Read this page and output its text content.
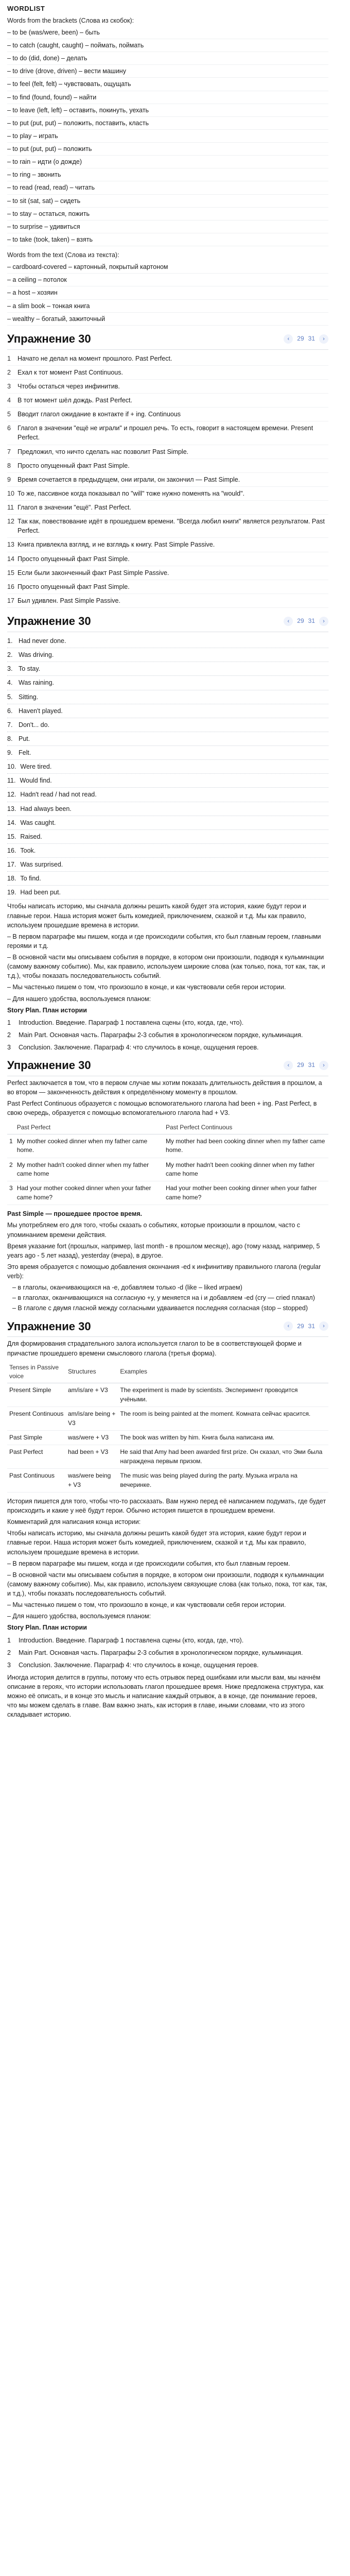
WORDLIST
Words from the brackets (Слова из скобок):
– to be (was/were, been) – быть
– to catch (caught, caught) – поймать, поймать
– to do (did, done) – делать
– to drive (drove, driven) – вести машину
– to feel (felt, felt) – чувствовать, ощущать
– to find (found, found) – найти
– to leave (left, left) – оставить, покинуть, уехать
– to put (put, put) – положить, поставить, класть
– to play – играть
– to put (put, put) – положить
– to rain – идти (о дожде)
– to ring – звонить
– to read (read, read) – читать
– to sit (sat, sat) – сидеть
– to stay – остаться, пожить
– to surprise – удивиться
– to take (took, taken) – взять
Words from the text (Слова из текста):
– cardboard-covered – картонный, покрытый картоном
– a ceiling – потолок
– a host – хозяин
– a slim book – тонкая книга
– wealthy – богатый, зажиточный
Упражнение 30	‹	29 31	›
1	Начато не делал на момент прошлого. Past Perfect.
2	Ехал к тот момент Past Continuous.
3	Чтобы остаться через инфинитив.
4	В тот момент шёл дождь. Past Perfect.
5	Вводит глагол ожидание в контакте if + ing. Continuous
6	Глагол в значении "ещё не играли" и прошел речь. То есть, говорит в настоящем времени. Present Perfect.
7	Предложил, что ничто сделать нас позволит Past Simple.
8	Просто опущенный факт Past Simple.
9	Время сочетается в предыдущем, они играли, он закончил — Past Simple.
10 То же, пассивное когда показывал по "will" тоже нужно поменять на "would".
11 Глагол в значении "ещё". Past Perfect.
12 Так как, повествование идёт в прошедшем времени. "Всегда любил книги" является результатом. Past Perfect.
13 Книга привлекла взгляд, и не взглядь к книгу. Past Simple Passive.
14 Просто опущенный факт Past Simple.
15 Если были законченный факт Past Simple Passive.
16 Просто опущенный факт Past Simple.
17 Был удивлен. Past Simple Passive.
Упражнение 30	‹	29 31	›
1. Had never done.
2. Was driving.
3. To stay.
4. Was raining.
5. Sitting.
6. Haven't played.
7. Don't... do.
8. Put.
9. Felt.
10. Were tired.
11. Would find.
12. Hadn't read / had not read.
13. Had always been.
14. Was caught.
15. Raised.
16. Took.
17. Was surprised.
18. To find.
19. Had been put.
Чтобы написать историю, мы сначала должны решить какой будет эта история, какие будут герои и главные герои. Наша история может быть комедией, приключением, сказкой и т.д. Мы как правило, используем прошедшие времена в истории.
– В первом параграфе мы пишем, когда и где происходили события, кто был главным героем, главными героями и т.д.
– В основной части мы описываем события в порядке, в котором они произошли, подводя к кульминации (самому важному событию). Мы, как правило, используем широкие слова (как только, пока, тот как, так, и т.д.), чтобы показать последовательность событий.
– Мы частенько пишем о том, что произошло в конце, и как чувствовали себя герои истории.
– Для нашего удобства, воспользуемся планом:
Story Plan. План истории
1	Introduction. Введение. Параграф 1 поставлена сцены (кто, когда, где, что).
2	Main Part. Основная часть. Параграфы 2-3 события в хронологическом порядке, кульминация.
3	Conclusion. Заключение. Параграф 4: что случилось в конце, ощущения героев.
Упражнение 30	‹	29 31	›
Perfect заключается в том, что в первом случае мы хотим показать длительность действия в прошлом, а во втором — законченность действия к определённому моменту в прошлом.
Past Perfect Continuous образуется с помощью вспомогательного глагола had been + ing. Past Perfect, в свою очередь, образуется с помощью вспомогательного глагола had + V3.
	Past Perfect	Past Perfect Continuous
1	My mother cooked dinner when my father came home.	My mother had been cooking dinner when my father came home.
2	My mother hadn't cooked dinner when my father came home	My mother hadn't been cooking dinner when my father came home
3	Had your mother cooked dinner when your father came home?	Had your mother been cooking dinner when your father came home?
Past Simple — прошедшее простое время.
Мы употребляем его для того, чтобы сказать о событиях, которые произошли в прошлом, часто с упоминанием времени действия.
Время указание fort (прошлых, например, last month - в прошлом месяце), ago (тому назад, например, 5 years ago - 5 лет назад), yesterday (вчера), в другое.
Это время образуется с помощью добавления окончания -ed к инфинитиву правильного глагола (regular verb):
– в глаголы, оканчивающихся на -е, добавляем только -d (like – liked играем)
– в глаголах, оканчивающихся на согласную +y, у меняется на i и добавляем -ed (cry — cried плакал)
– В глаголе с двумя гласной между согласными удваивается последняя согласная (stop – stopped)
Упражнение 30	‹	29 31	›
Для формирования страдательного залога используется глагол to be в соответствующей форме и причастие прошедшего времени смыслового глагола (третья форма).
Tenses in Passive voice	Structures	Examples
Present Simple	am/is/are + V3	The experiment is made by scientists. Эксперимент проводится учёными.
Present Continuous	am/is/are being + V3	The room is being painted at the moment. Комната сейчас красится.
Past Simple	was/were + V3	The book was written by him. Книга была написана им.
Past Perfect	had been + V3	He said that Amy had been awarded first prize. Он сказал, что Эми была награждена первым призом.
Past Continuous	was/were being + V3	The music was being played during the party. Музыка играла на вечеринке.
История пишется для того, чтобы что-то рассказать. Вам нужно перед её написанием подумать, где будет происходить и какие у неё будут герои. Обычно история пишется в прошедшем времени.
Комментарий для написания конца истории:
Чтобы написать историю, мы сначала должны решить какой будет эта история, какие будут герои и главные герои. Наша история может быть комедией, приключением, сказкой и т.д. Мы как правило, используем прошедшие времена в истории.
– В первом параграфе мы пишем, когда и где происходили события, кто был главным героем.
– В основной части мы описываем события в порядке, в котором они произошли, подводя к кульминации (самому важному событию). Мы, как правило, используем связующие слова (как только, пока, тот как, так, и т.д.), чтобы показать последовательность событий.
– Мы частенько пишем о том, что произошло в конце, и как чувствовали себя герои истории.
– Для нашего удобства, воспользуемся планом:
Story Plan. План истории
1	Introduction. Введение. Параграф 1 поставлена сцены (кто, когда, где, что).
2	Main Part. Основная часть. Параграфы 2-3 события в хронологическом порядке, кульминация.
3	Conclusion. Заключение. Параграф 4: что случилось в конце, ощущения героев.
Иногда история делится в группы, потому что есть отрывок перед ошибками или мысли вам, мы начнём описание в героях, что истории использовать глагол прошедшее время. Ниже предложена структура, как можно её описать, и в конце это мысль и написание каждый отрывок, а в конце, где понимание героев, что мы можем сделать в главе. Вам важно знать, как история в главе, иными словами, что из этого складывает историю.
